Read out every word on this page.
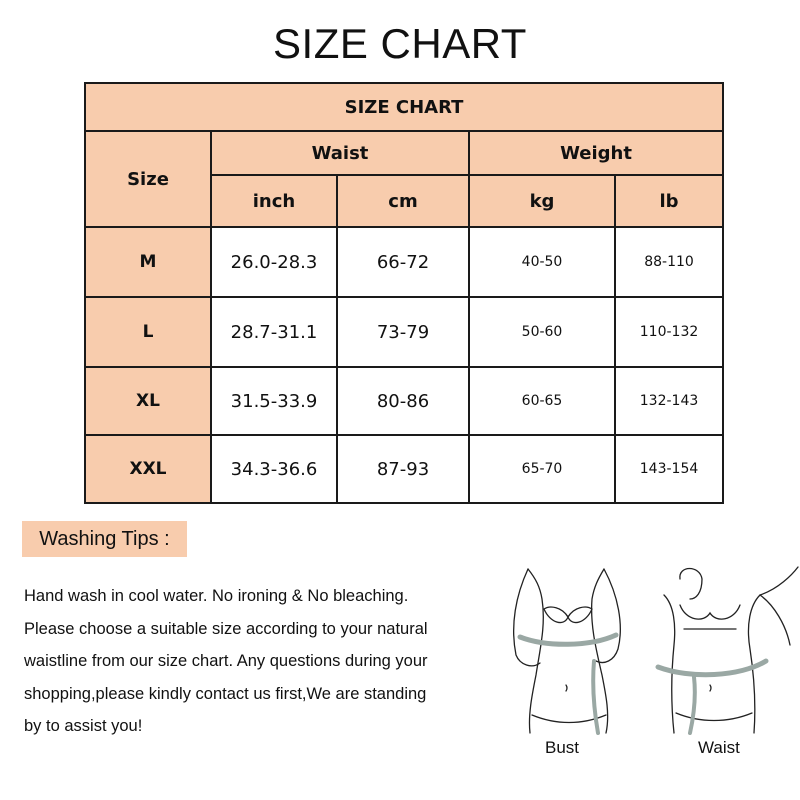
SIZE CHART
SIZE CHART				
Size	Waist		Weight	
	inch	cm	kg	lb
M	26.0-28.3	66-72	40-50	88-110
L	28.7-31.1	73-79	50-60	110-132
XL	31.5-33.9	80-86	60-65	132-143
XXL	34.3-36.6	87-93	65-70	143-154
Washing Tips :

Hand wash in cool water. No ironing & No bleaching.
Please choose a suitable size according to your natural
waistline from our size chart. Any questions during your
shopping,please kindly contact us first,We are standing
by to assist you!

Bust	Waist
